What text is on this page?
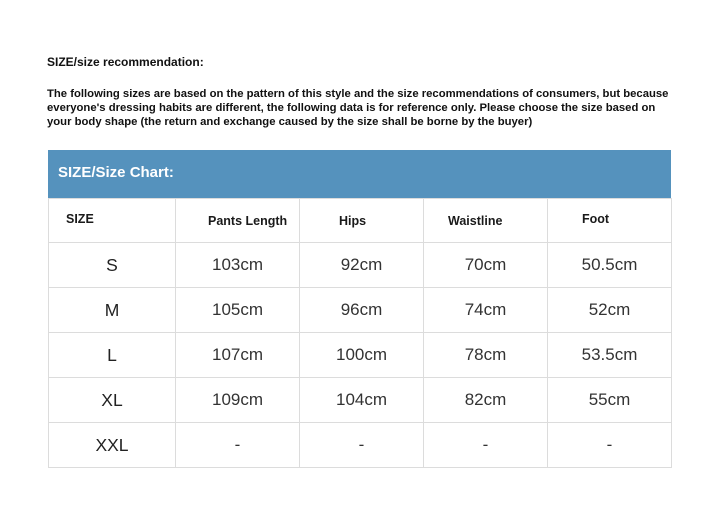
SIZE/size recommendation:
The following sizes are based on the pattern of this style and the size recommendations of consumers, but because everyone's dressing habits are different, the following data is for reference only. Please choose the size based on your body shape (the return and exchange caused by the size shall be borne by the buyer)
SIZE/Size Chart:
SIZE	Pants Length	Hips	Waistline	Foot
S	103cm	92cm	70cm	50.5cm
M	105cm	96cm	74cm	52cm
L	107cm	100cm	78cm	53.5cm
XL	109cm	104cm	82cm	55cm
XXL	-	-	-	-
